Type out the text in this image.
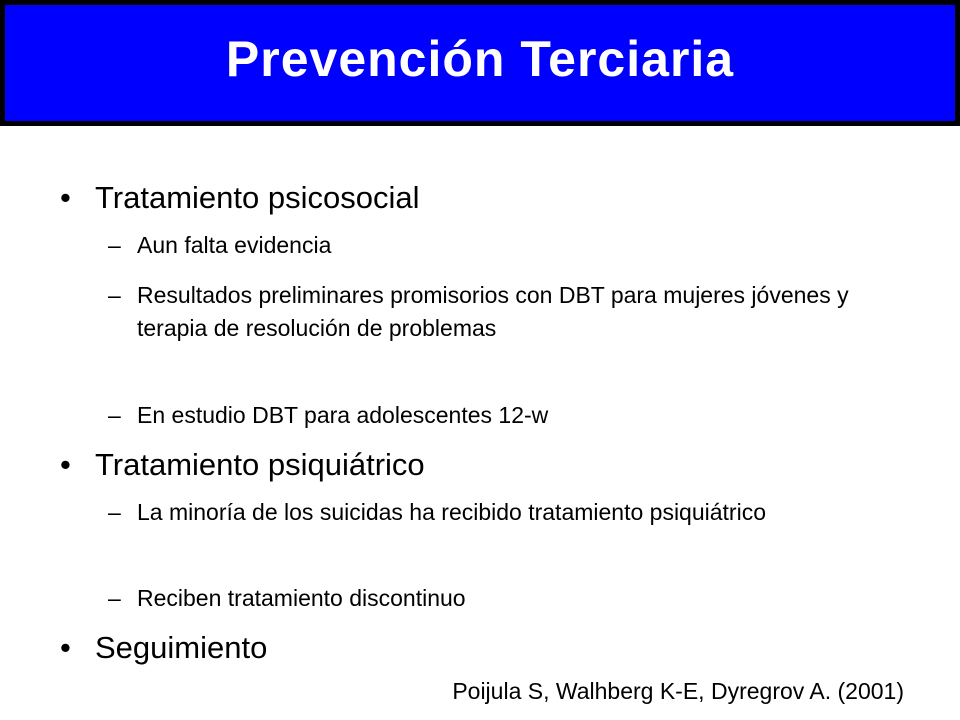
Prevención Terciaria
• Tratamiento psicosocial
– Aun falta evidencia
– Resultados preliminares promisorios con DBT para mujeres jóvenes y terapia de resolución de problemas
– En estudio DBT para adolescentes 12-w
• Tratamiento psiquiátrico
– La minoría de los suicidas ha recibido tratamiento psiquiátrico
– Reciben tratamiento discontinuo
• Seguimiento
Poijula S, Walhberg K-E, Dyregrov A. (2001)
